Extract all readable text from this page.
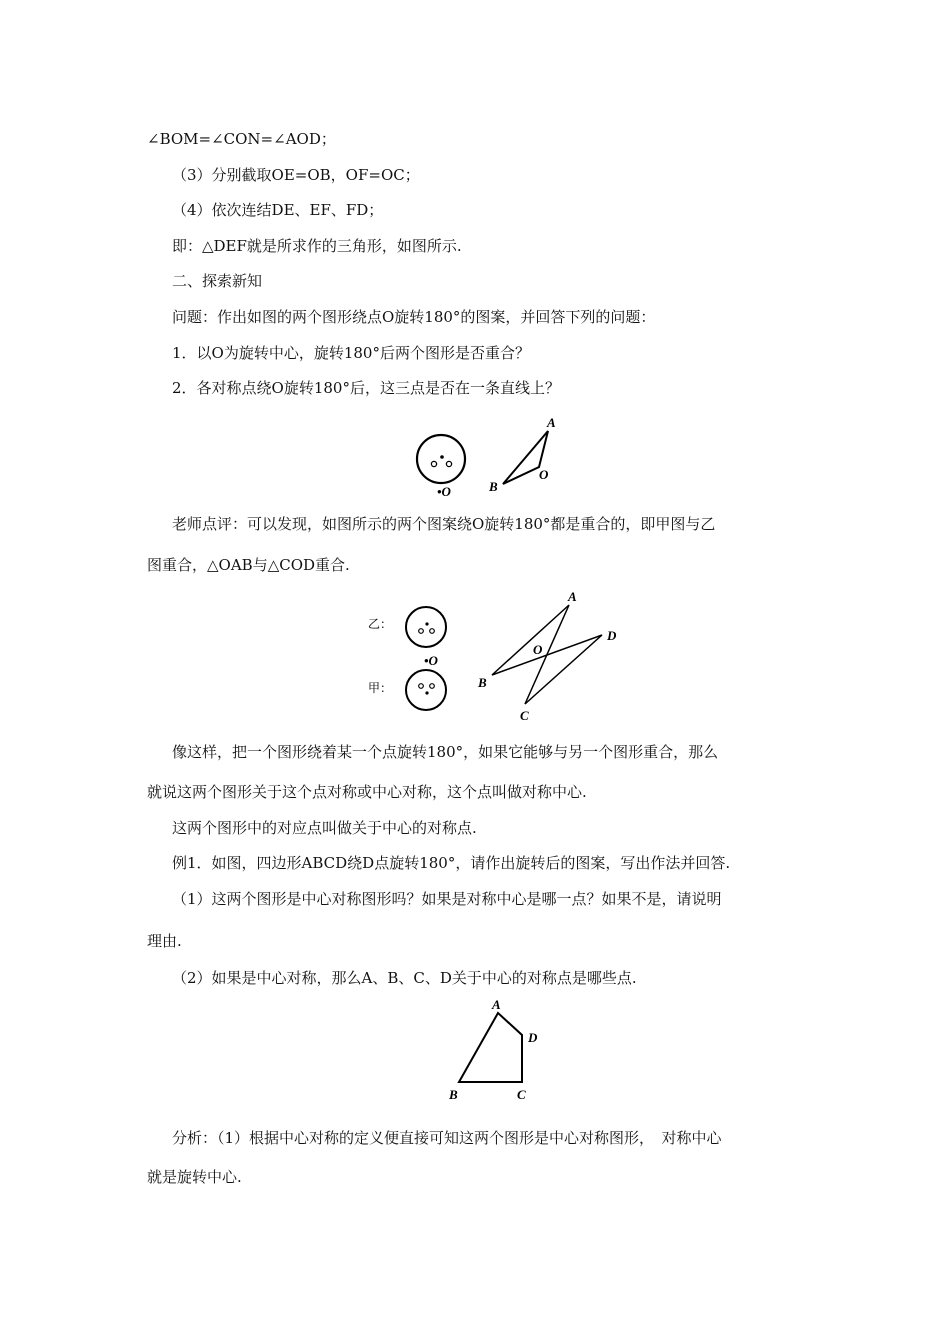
∠BOM=∠CON=∠AOD；
（3）分别截取OE=OB，OF=OC；
（4）依次连结DE、EF、FD；
即：△DEF就是所求作的三角形，如图所示.
二、探索新知
问题：作出如图的两个图形绕点O旋转180°的图案，并回答下列的问题：
1．以O为旋转中心，旋转180°后两个图形是否重合？
2．各对称点绕O旋转180°后，这三点是否在一条直线上？
•O
A
B
O
老师点评：可以发现，如图所示的两个图案绕O旋转180°都是重合的，即甲图与乙
图重合，△OAB与△COD重合.
乙：
•O
甲：
A
D
O
B
C
像这样，把一个图形绕着某一个点旋转180°，如果它能够与另一个图形重合，那么
就说这两个图形关于这个点对称或中心对称，这个点叫做对称中心.
这两个图形中的对应点叫做关于中心的对称点.
例1．如图，四边形ABCD绕D点旋转180°，请作出旋转后的图案，写出作法并回答.
（1）这两个图形是中心对称图形吗？如果是对称中心是哪一点？如果不是，请说明
理由.
（2）如果是中心对称，那么A、B、C、D关于中心的对称点是哪些点.
A
D
B	C
分析：（1）根据中心对称的定义便直接可知这两个图形是中心对称图形，　对称中心
就是旋转中心.
